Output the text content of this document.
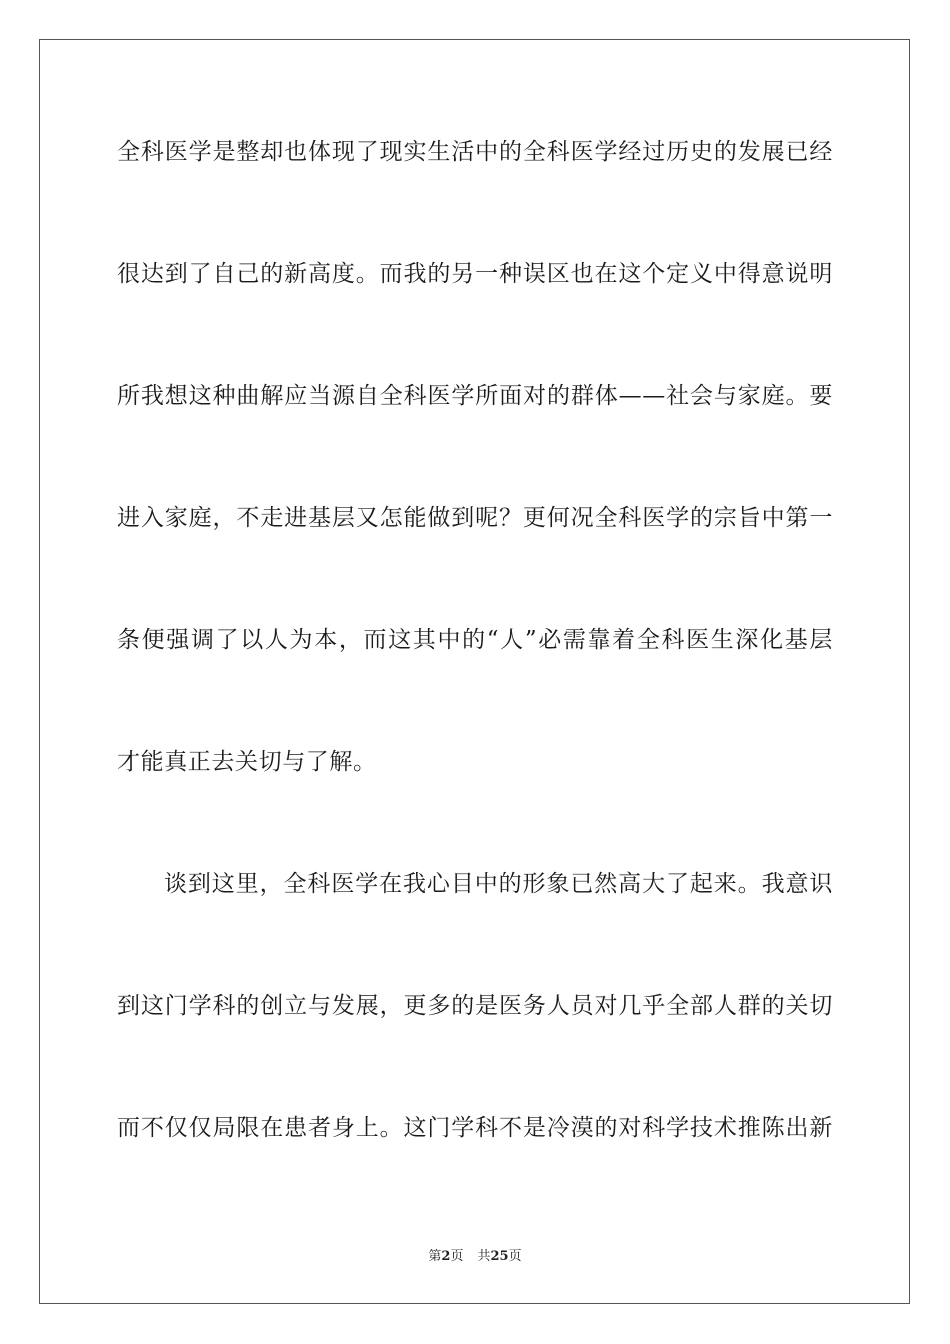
全科医学是整却也体现了现实生活中的全科医学经过历史的发展已经
很达到了自己的新高度。而我的另一种误区也在这个定义中得意说明
所我想这种曲解应当源自全科医学所面对的群体——社会与家庭。要
进入家庭，不走进基层又怎能做到呢？更何况全科医学的宗旨中第一
条便强调了以人为本，而这其中的“人”必需靠着全科医生深化基层
才能真正去关切与了解。
谈到这里，全科医学在我心目中的形象已然高大了起来。我意识
到这门学科的创立与发展，更多的是医务人员对几乎全部人群的关切
而不仅仅局限在患者身上。这门学科不是冷漠的对科学技术推陈出新
第2页 共25页
